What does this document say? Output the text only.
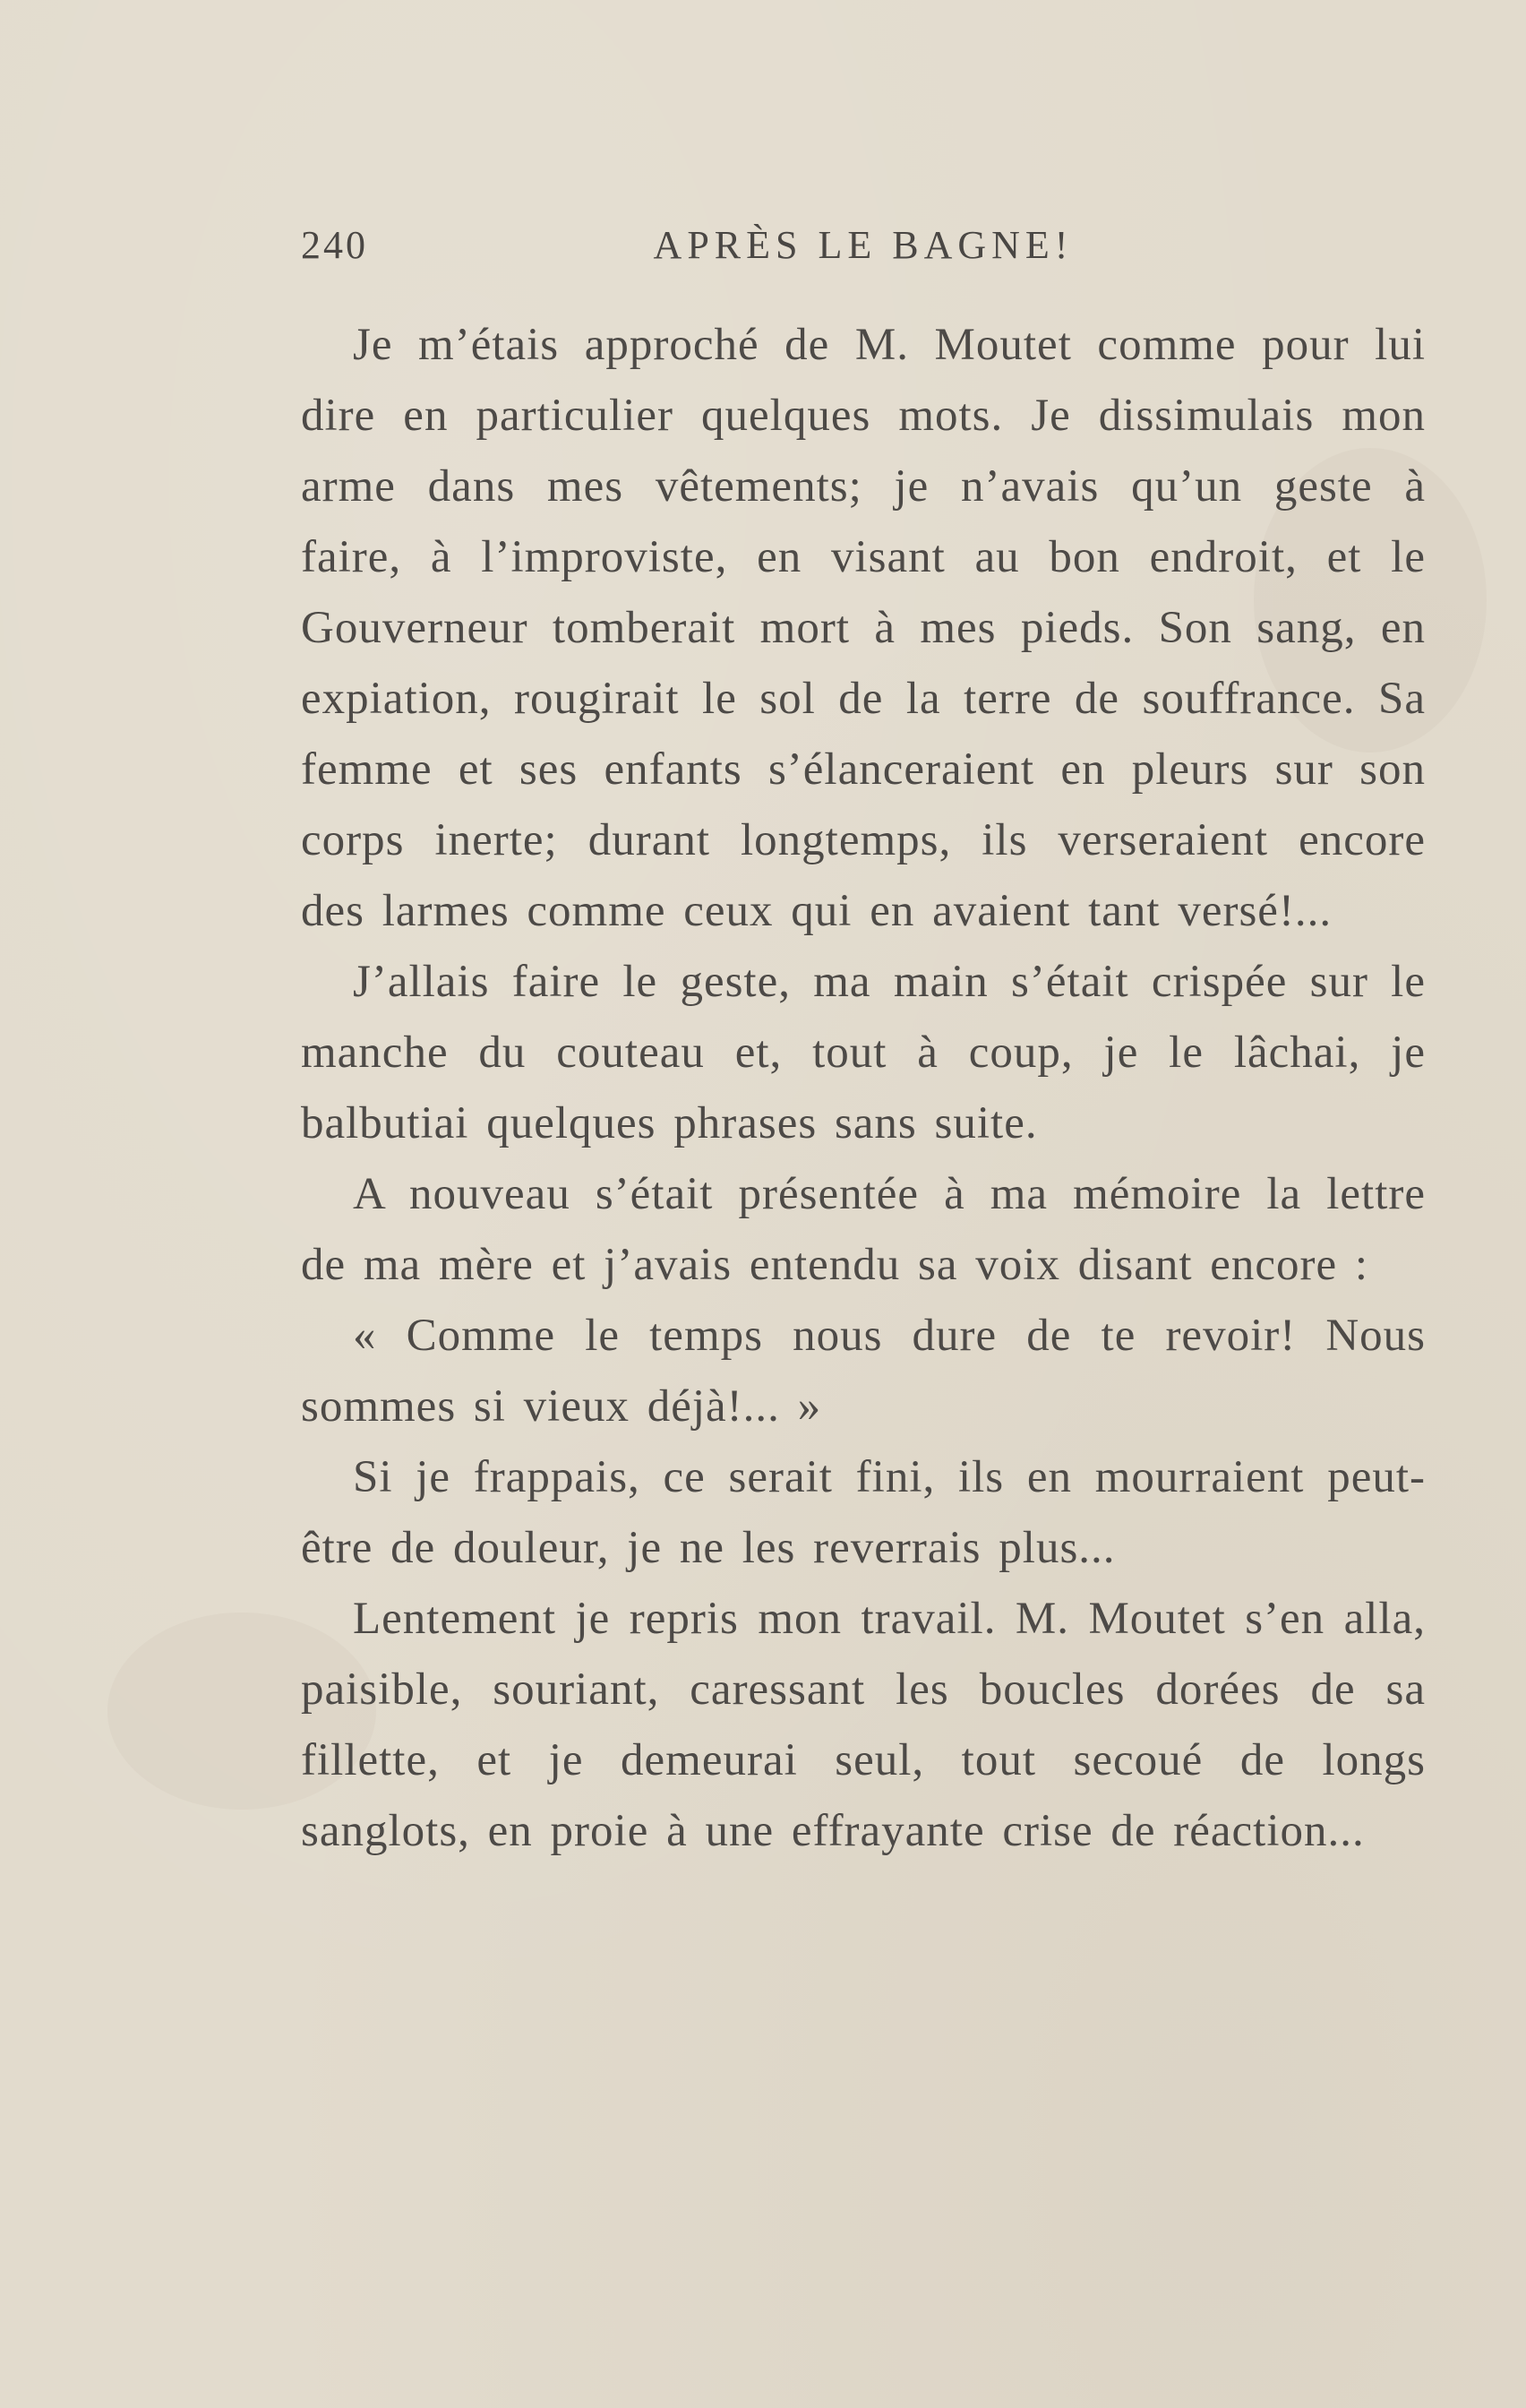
240	APRÈS LE BAGNE!

Je m’étais approché de M. Moutet comme pour lui dire en particulier quelques mots. Je dissimulais mon arme dans mes vêtements; je n’avais qu’un geste à faire, à l’improviste, en visant au bon endroit, et le Gouverneur tomberait mort à mes pieds. Son sang, en expiation, rougirait le sol de la terre de souffrance. Sa femme et ses enfants s’élanceraient en pleurs sur son corps inerte; durant longtemps, ils verseraient encore des larmes comme ceux qui en avaient tant versé!...

J’allais faire le geste, ma main s’était crispée sur le manche du couteau et, tout à coup, je le lâchai, je balbutiai quelques phrases sans suite.

A nouveau s’était présentée à ma mémoire la lettre de ma mère et j’avais entendu sa voix disant encore :

« Comme le temps nous dure de te revoir! Nous sommes si vieux déjà!... »

Si je frappais, ce serait fini, ils en mourraient peut-être de douleur, je ne les reverrais plus...

Lentement je repris mon travail. M. Moutet s’en alla, paisible, souriant, caressant les boucles dorées de sa fillette, et je demeurai seul, tout secoué de longs sanglots, en proie à une effrayante crise de réaction...
